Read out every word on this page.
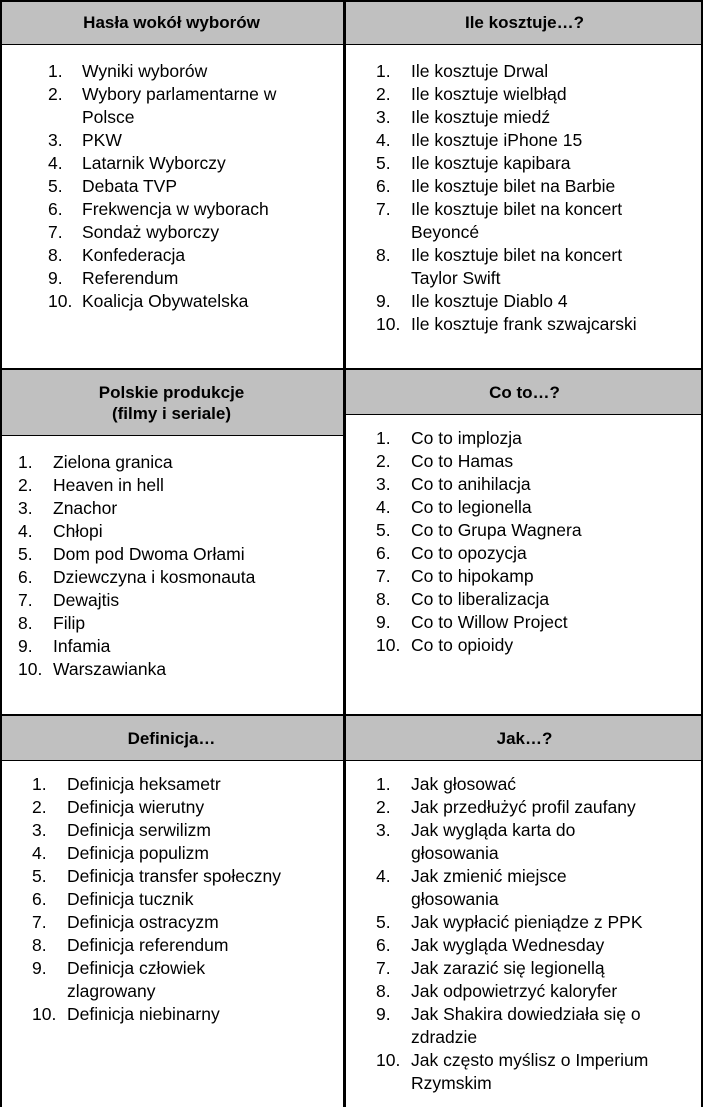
Hasła wokół wyborów
1.	Wyniki wyborów
2.	Wybory parlamentarne w Polsce
3.	PKW
4.	Latarnik Wyborczy
5.	Debata TVP
6.	Frekwencja w wyborach
7.	Sondaż wyborczy
8.	Konfederacja
9.	Referendum
10. Koalicja Obywatelska
Ile kosztuje…?
1.	Ile kosztuje Drwal
2.	Ile kosztuje wielbłąd
3.	Ile kosztuje miedź
4.	Ile kosztuje iPhone 15
5.	Ile kosztuje kapibara
6.	Ile kosztuje bilet na Barbie
7.	Ile kosztuje bilet na koncert Beyoncé
8.	Ile kosztuje bilet na koncert Taylor Swift
9.	Ile kosztuje Diablo 4
10. Ile kosztuje frank szwajcarski
Polskie produkcje (filmy i seriale)
1.	Zielona granica
2.	Heaven in hell
3.	Znachor
4.	Chłopi
5.	Dom pod Dwoma Orłami
6.	Dziewczyna i kosmonauta
7.	Dewajtis
8.	Filip
9.	Infamia
10. Warszawianka
Co to…?
1.	Co to implozja
2.	Co to Hamas
3.	Co to anihilacja
4.	Co to legionella
5.	Co to Grupa Wagnera
6.	Co to opozycja
7.	Co to hipokamp
8.	Co to liberalizacja
9.	Co to Willow Project
10. Co to opioidy
Definicja…
1.	Definicja heksametr
2.	Definicja wierutny
3.	Definicja serwilizm
4.	Definicja populizm
5.	Definicja transfer społeczny
6.	Definicja tucznik
7.	Definicja ostracyzm
8.	Definicja referendum
9.	Definicja człowiek zlagrowany
10. Definicja niebinarny
Jak…?
1.	Jak głosować
2.	Jak przedłużyć profil zaufany
3.	Jak wygląda karta do głosowania
4.	Jak zmienić miejsce głosowania
5.	Jak wypłacić pieniądze z PPK
6.	Jak wygląda Wednesday
7.	Jak zarazić się legionellą
8.	Jak odpowietrzyć kaloryfer
9.	Jak Shakira dowiedziała się o zdradzie
10. Jak często myślisz o Imperium Rzymskim
